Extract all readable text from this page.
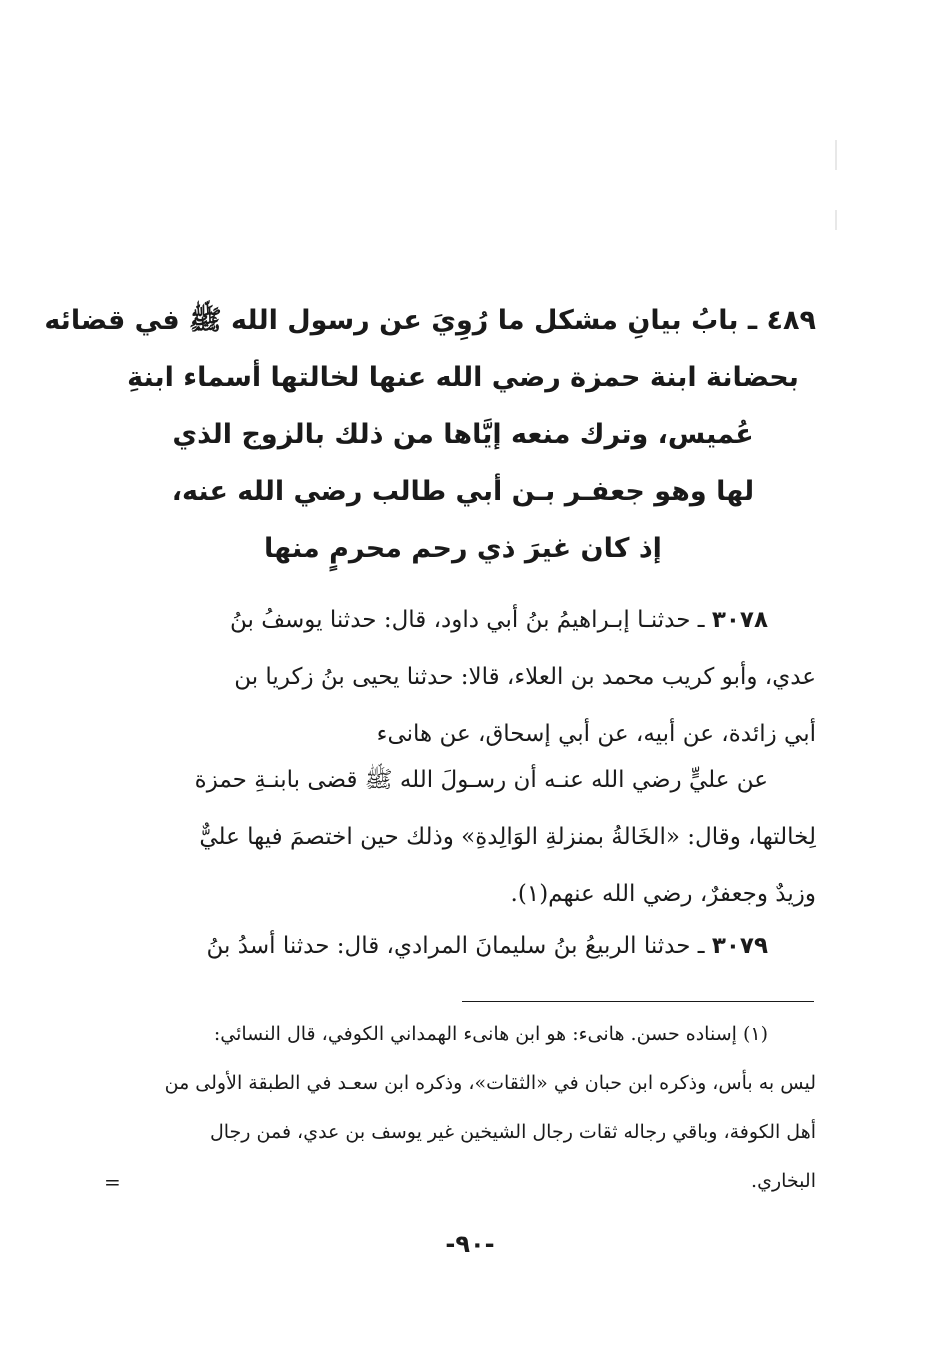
٤٨٩ ـ بابُ بيانِ مشكل ما رُوِيَ عن رسول الله ﷺ في قضائه
بحضانة ابنة حمزة رضي الله عنها لخالتها أسماء ابنةِ
عُميس، وترك منعه إيَّاها من ذلك بالزوج الذي
لها وهو جعفـر بـن أبي طالب رضي الله عنه،
إذ كان غيرَ ذي رحم محرمٍ منها
٣٠٧٨ ـ حدثنـا إبـراهيمُ بنُ أبي داود، قال: حدثنا يوسفُ بنُ
عدي، وأبو كريب محمد بن العلاء، قالا: حدثنا يحيى بنُ زكريا بن
أبي زائدة، عن أبيه، عن أبي إسحاق، عن هانىء
عن عليٍّ رضي الله عنـه أن رسـولَ الله ﷺ قضى بابنـةِ حمزة
لِخالتها، وقال: «الخَالةُ بمنزلةِ الوَالِدةِ» وذلك حين اختصمَ فيها عليٌّ
وزيدٌ وجعفرٌ، رضي الله عنهم(١).
٣٠٧٩ ـ حدثنا الربيعُ بنُ سليمانَ المرادي، قال: حدثنا أسدُ بنُ
(١) إسناده حسن. هانىء: هو ابن هانىء الهمداني الكوفي، قال النسائي:
ليس به بأس، وذكره ابن حبان في «الثقات»، وذكره ابن سعـد في الطبقة الأولى من
أهل الكوفة، وباقي رجاله ثقات رجال الشيخين غير يوسف بن عدي، فمن رجال
البخاري.
=
-٩٠-
